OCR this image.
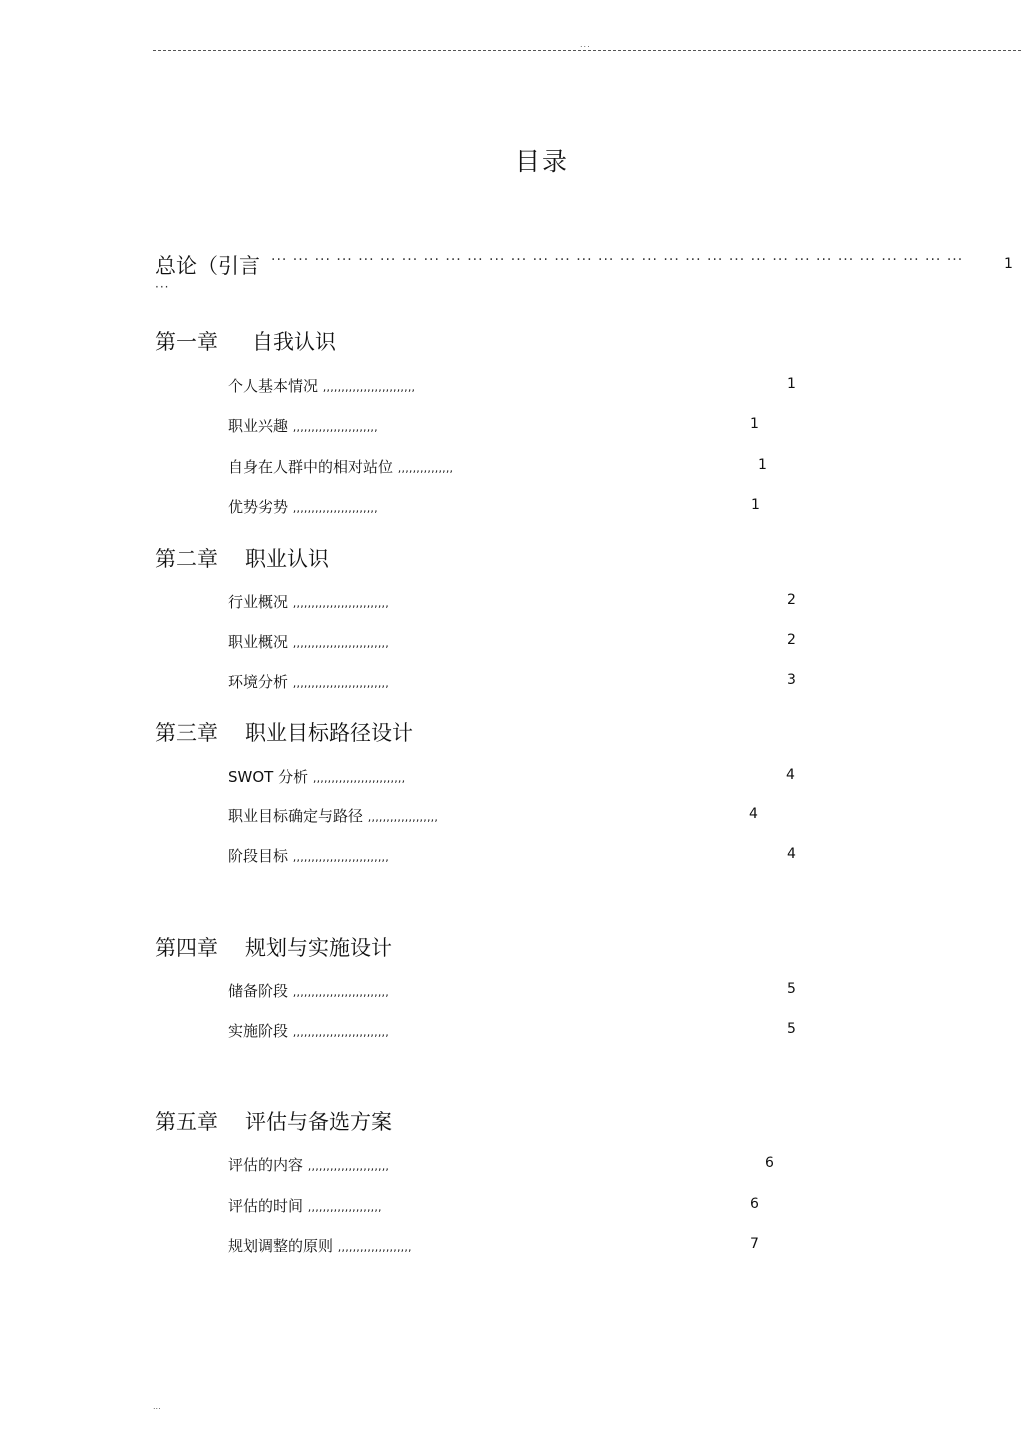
...
目录
总论（引言 ··· ··· ··· ··· ··· ··· ··· ··· ··· ··· ··· ··· ··· ··· ··· ··· ··· ··· ··· ··· ··· ··· ··· ··· ··· ··· ··· ··· ··· ··· ··· ···	1
···
第一章 自我认识
个人基本情况 ,,,,,,,,,,,,,,,,,,,,,,,,,	1
职业兴趣 ,,,,,,,,,,,,,,,,,,,,,,,	1
自身在人群中的相对站位 ,,,,,,,,,,,,,,,	1
优势劣势 ,,,,,,,,,,,,,,,,,,,,,,,	1
第二章 职业认识
行业概况 ,,,,,,,,,,,,,,,,,,,,,,,,,,	2
职业概况 ,,,,,,,,,,,,,,,,,,,,,,,,,,	2
环境分析 ,,,,,,,,,,,,,,,,,,,,,,,,,,	3
第三章 职业目标路径设计
SWOT 分析 ,,,,,,,,,,,,,,,,,,,,,,,,,	4
职业目标确定与路径 ,,,,,,,,,,,,,,,,,,,	4
阶段目标 ,,,,,,,,,,,,,,,,,,,,,,,,,,	4
第四章 规划与实施设计
储备阶段 ,,,,,,,,,,,,,,,,,,,,,,,,,,	5
实施阶段 ,,,,,,,,,,,,,,,,,,,,,,,,,,	5
第五章 评估与备选方案
评估的内容 ,,,,,,,,,,,,,,,,,,,,,,	6
评估的时间 ,,,,,,,,,,,,,,,,,,,,	6
规划调整的原则 ,,,,,,,,,,,,,,,,,,,,	7
...
